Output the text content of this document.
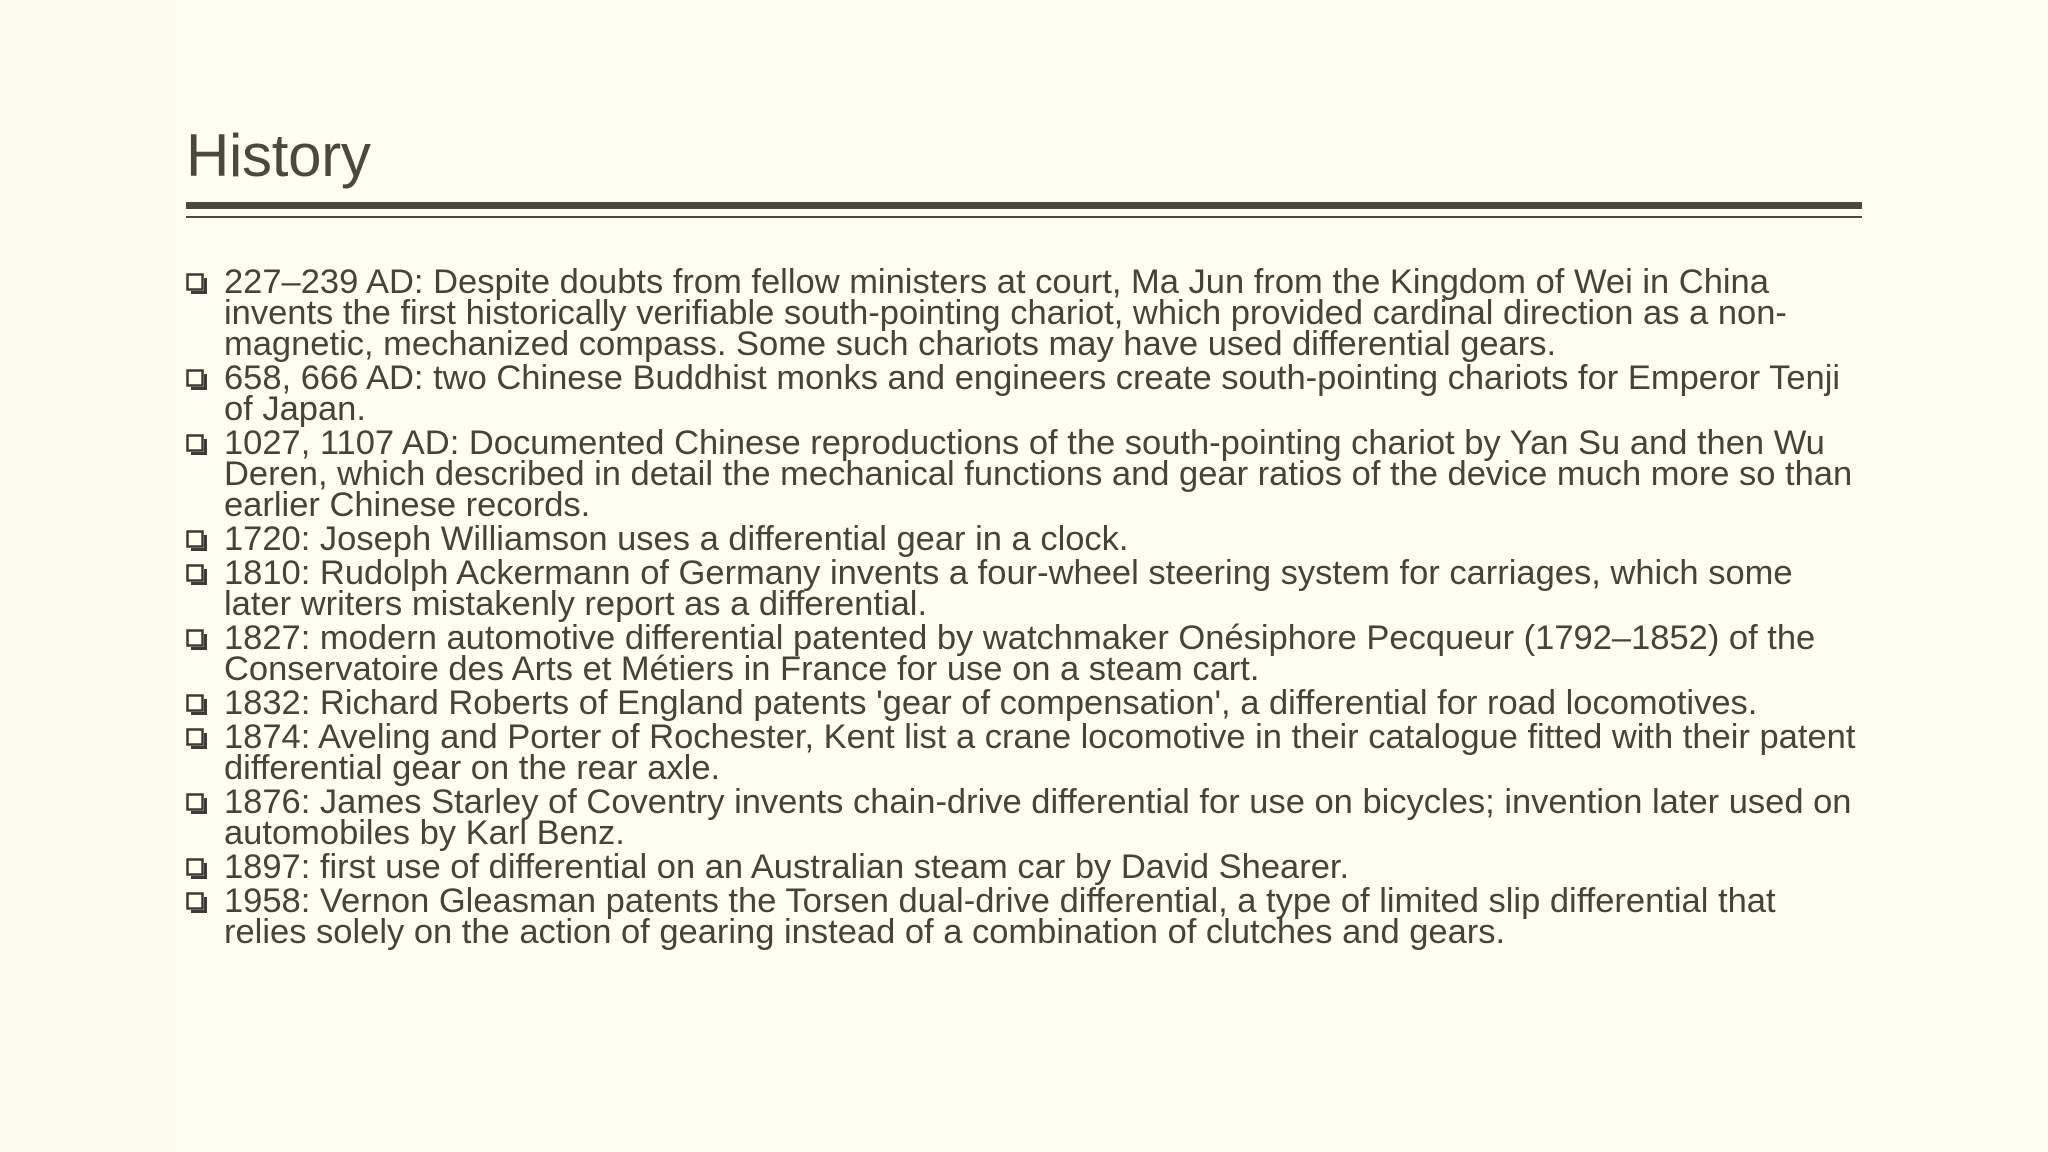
History
227–239 AD: Despite doubts from fellow ministers at court, Ma Jun from the Kingdom of Wei in China invents the first historically verifiable south-pointing chariot, which provided cardinal direction as a non-magnetic, mechanized compass. Some such chariots may have used differential gears.
658, 666 AD: two Chinese Buddhist monks and engineers create south-pointing chariots for Emperor Tenji of Japan.
1027, 1107 AD: Documented Chinese reproductions of the south-pointing chariot by Yan Su and then Wu Deren, which described in detail the mechanical functions and gear ratios of the device much more so than earlier Chinese records.
1720: Joseph Williamson uses a differential gear in a clock.
1810: Rudolph Ackermann of Germany invents a four-wheel steering system for carriages, which some later writers mistakenly report as a differential.
1827: modern automotive differential patented by watchmaker Onésiphore Pecqueur (1792–1852) of the Conservatoire des Arts et Métiers in France for use on a steam cart.
1832: Richard Roberts of England patents 'gear of compensation', a differential for road locomotives.
1874: Aveling and Porter of Rochester, Kent list a crane locomotive in their catalogue fitted with their patent differential gear on the rear axle.
1876: James Starley of Coventry invents chain-drive differential for use on bicycles; invention later used on automobiles by Karl Benz.
1897: first use of differential on an Australian steam car by David Shearer.
1958: Vernon Gleasman patents the Torsen dual-drive differential, a type of limited slip differential that relies solely on the action of gearing instead of a combination of clutches and gears.
